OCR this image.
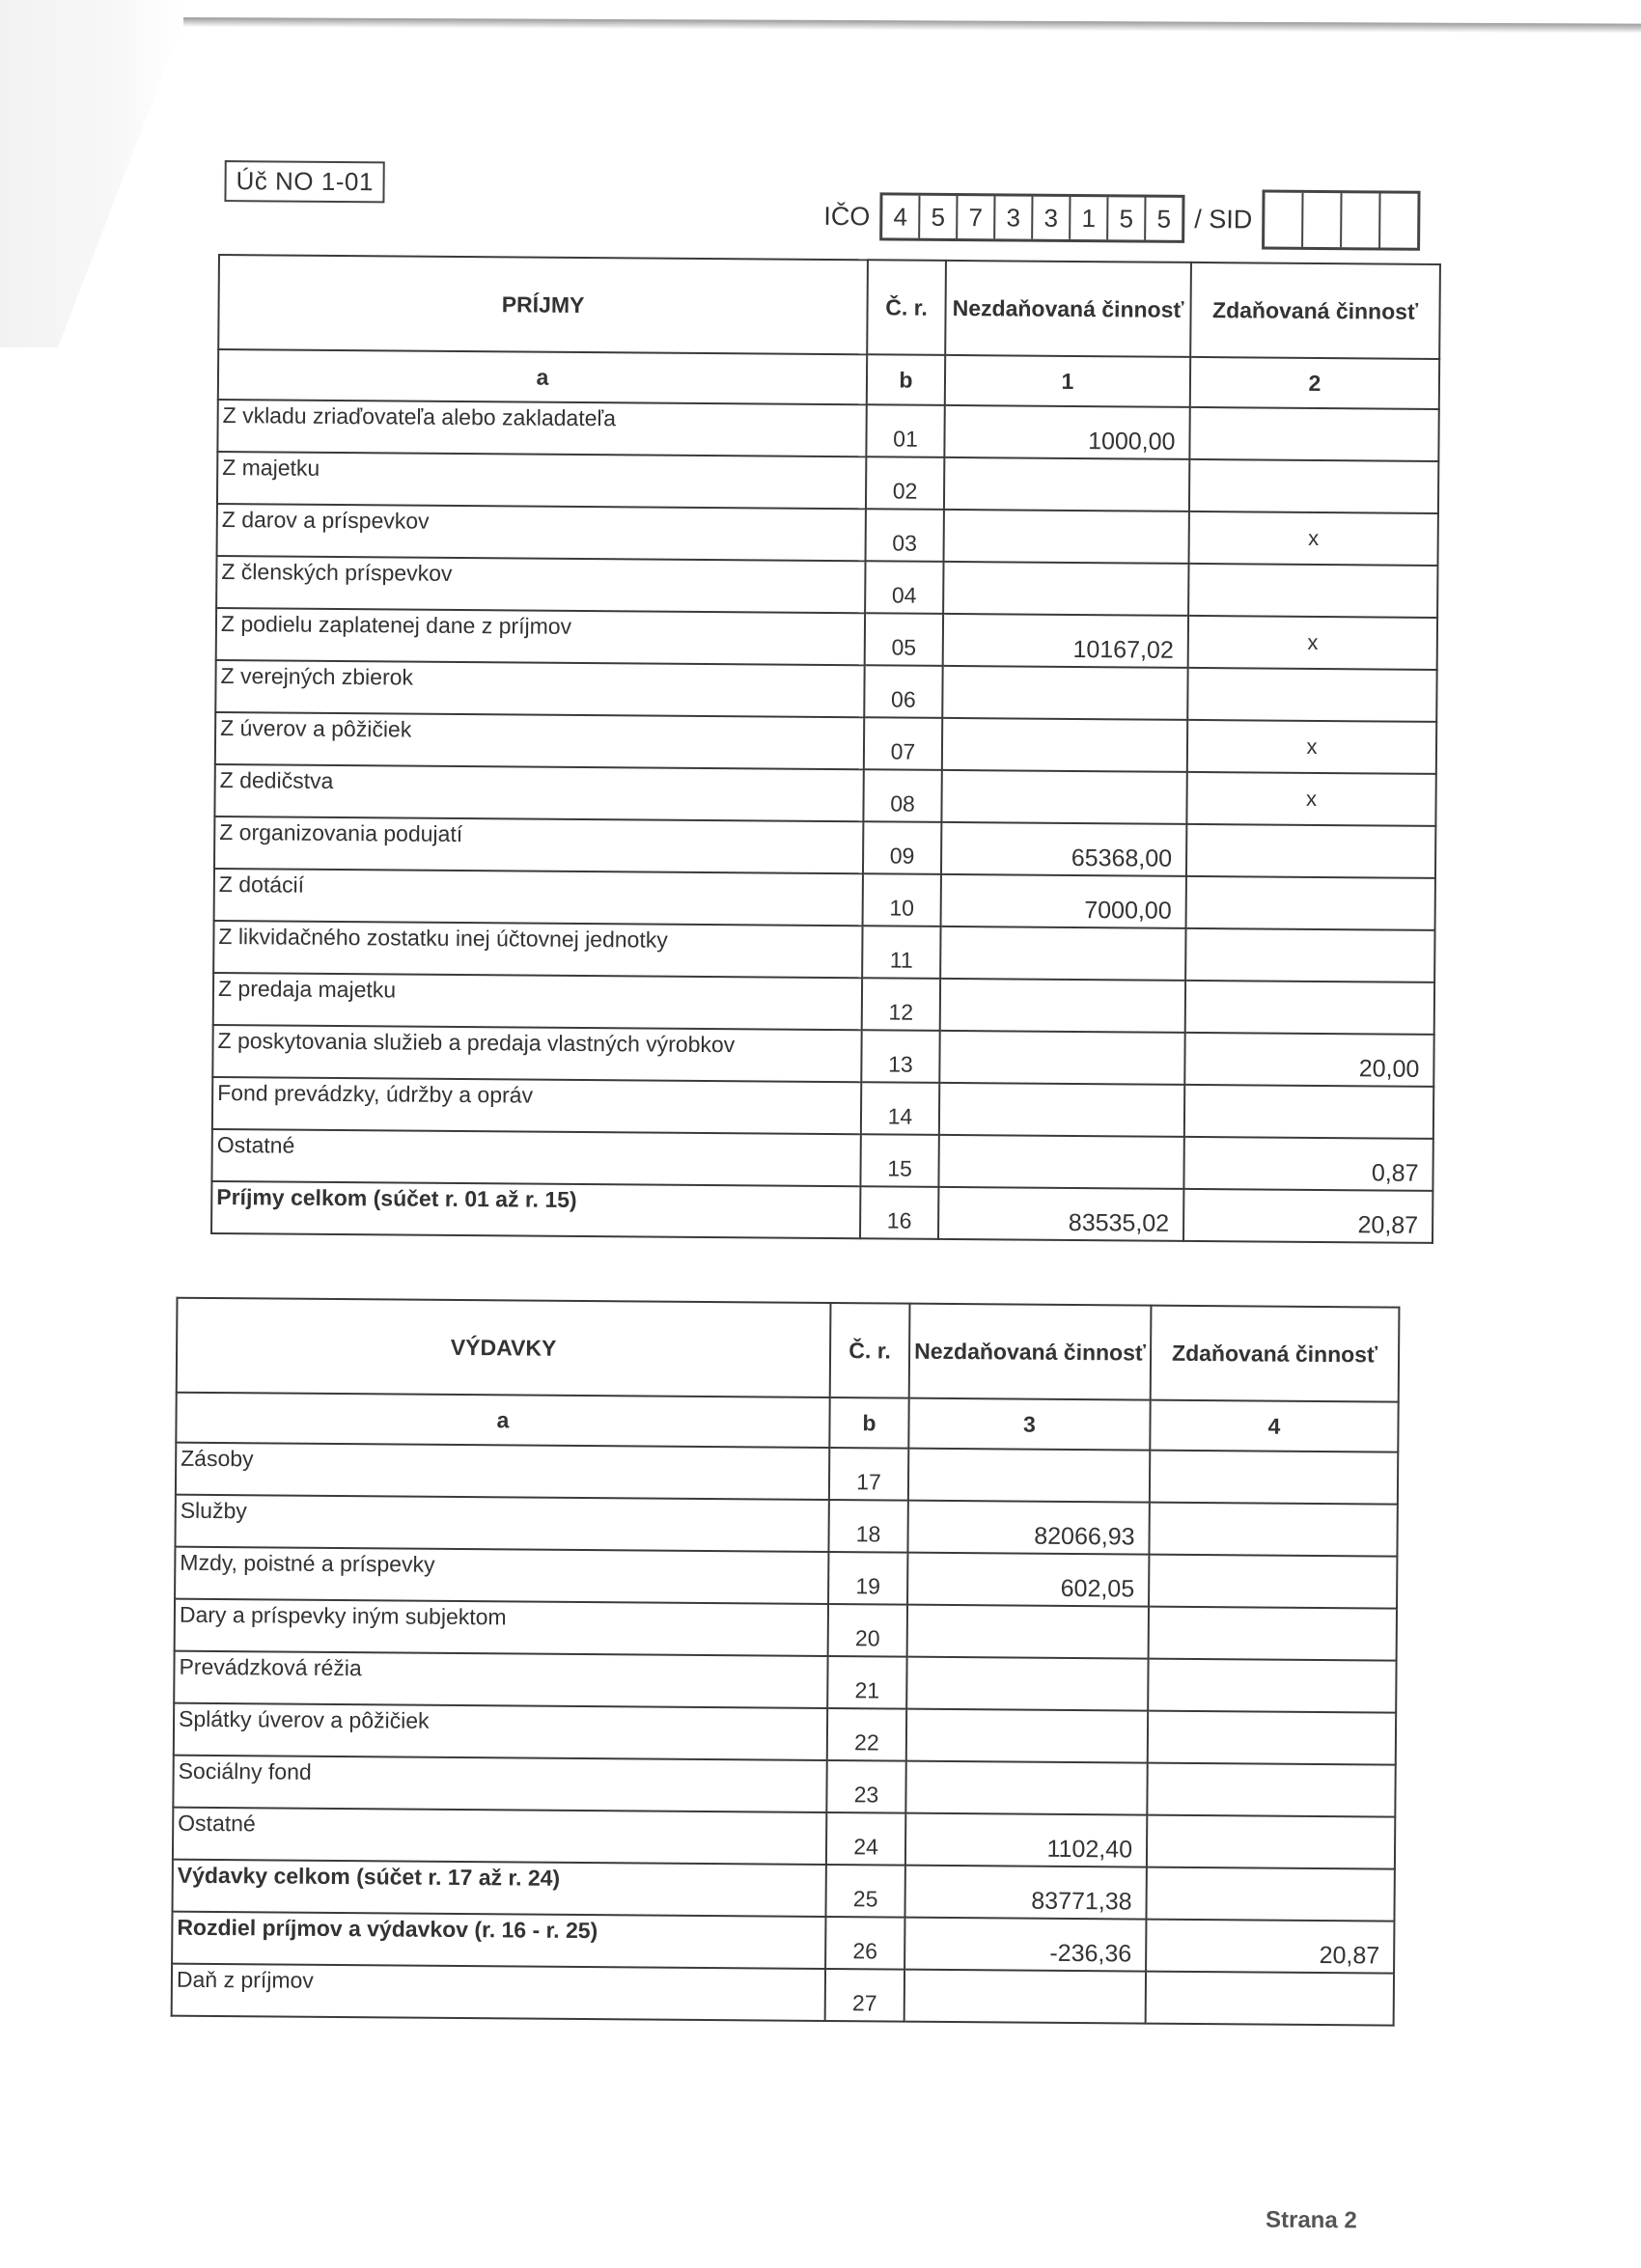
Úč NO 1-01
IČO 4 5 7 3 3 1 5 5 / SID
PRÍJMY	Č. r.	Nezdaňovaná činnosť	Zdaňovaná činnosť
a	b	1	2
Z vkladu zriaďovateľa alebo zakladateľa	01	1000,00	
Z majetku	02		
Z darov a príspevkov	03		x
Z členských príspevkov	04		
Z podielu zaplatenej dane z príjmov	05	10167,02	x
Z verejných zbierok	06		
Z úverov a pôžičiek	07		x
Z dedičstva	08		x
Z organizovania podujatí	09	65368,00	
Z dotácií	10	7000,00	
Z likvidačného zostatku inej účtovnej jednotky	11		
Z predaja majetku	12		
Z poskytovania služieb a predaja vlastných výrobkov	13		20,00
Fond prevádzky, údržby a opráv	14		
Ostatné	15		0,87
Príjmy celkom (súčet r. 01 až r. 15)	16	83535,02	20,87
VÝDAVKY	Č. r.	Nezdaňovaná činnosť	Zdaňovaná činnosť
a	b	3	4
Zásoby	17		
Služby	18	82066,93	
Mzdy, poistné a príspevky	19	602,05	
Dary a príspevky iným subjektom	20		
Prevádzková réžia	21		
Splátky úverov a pôžičiek	22		
Sociálny fond	23		
Ostatné	24	1102,40	
Výdavky celkom (súčet r. 17 až r. 24)	25	83771,38	
Rozdiel príjmov a výdavkov (r. 16 - r. 25)	26	-236,36	20,87
Daň z príjmov	27		
Strana 2
